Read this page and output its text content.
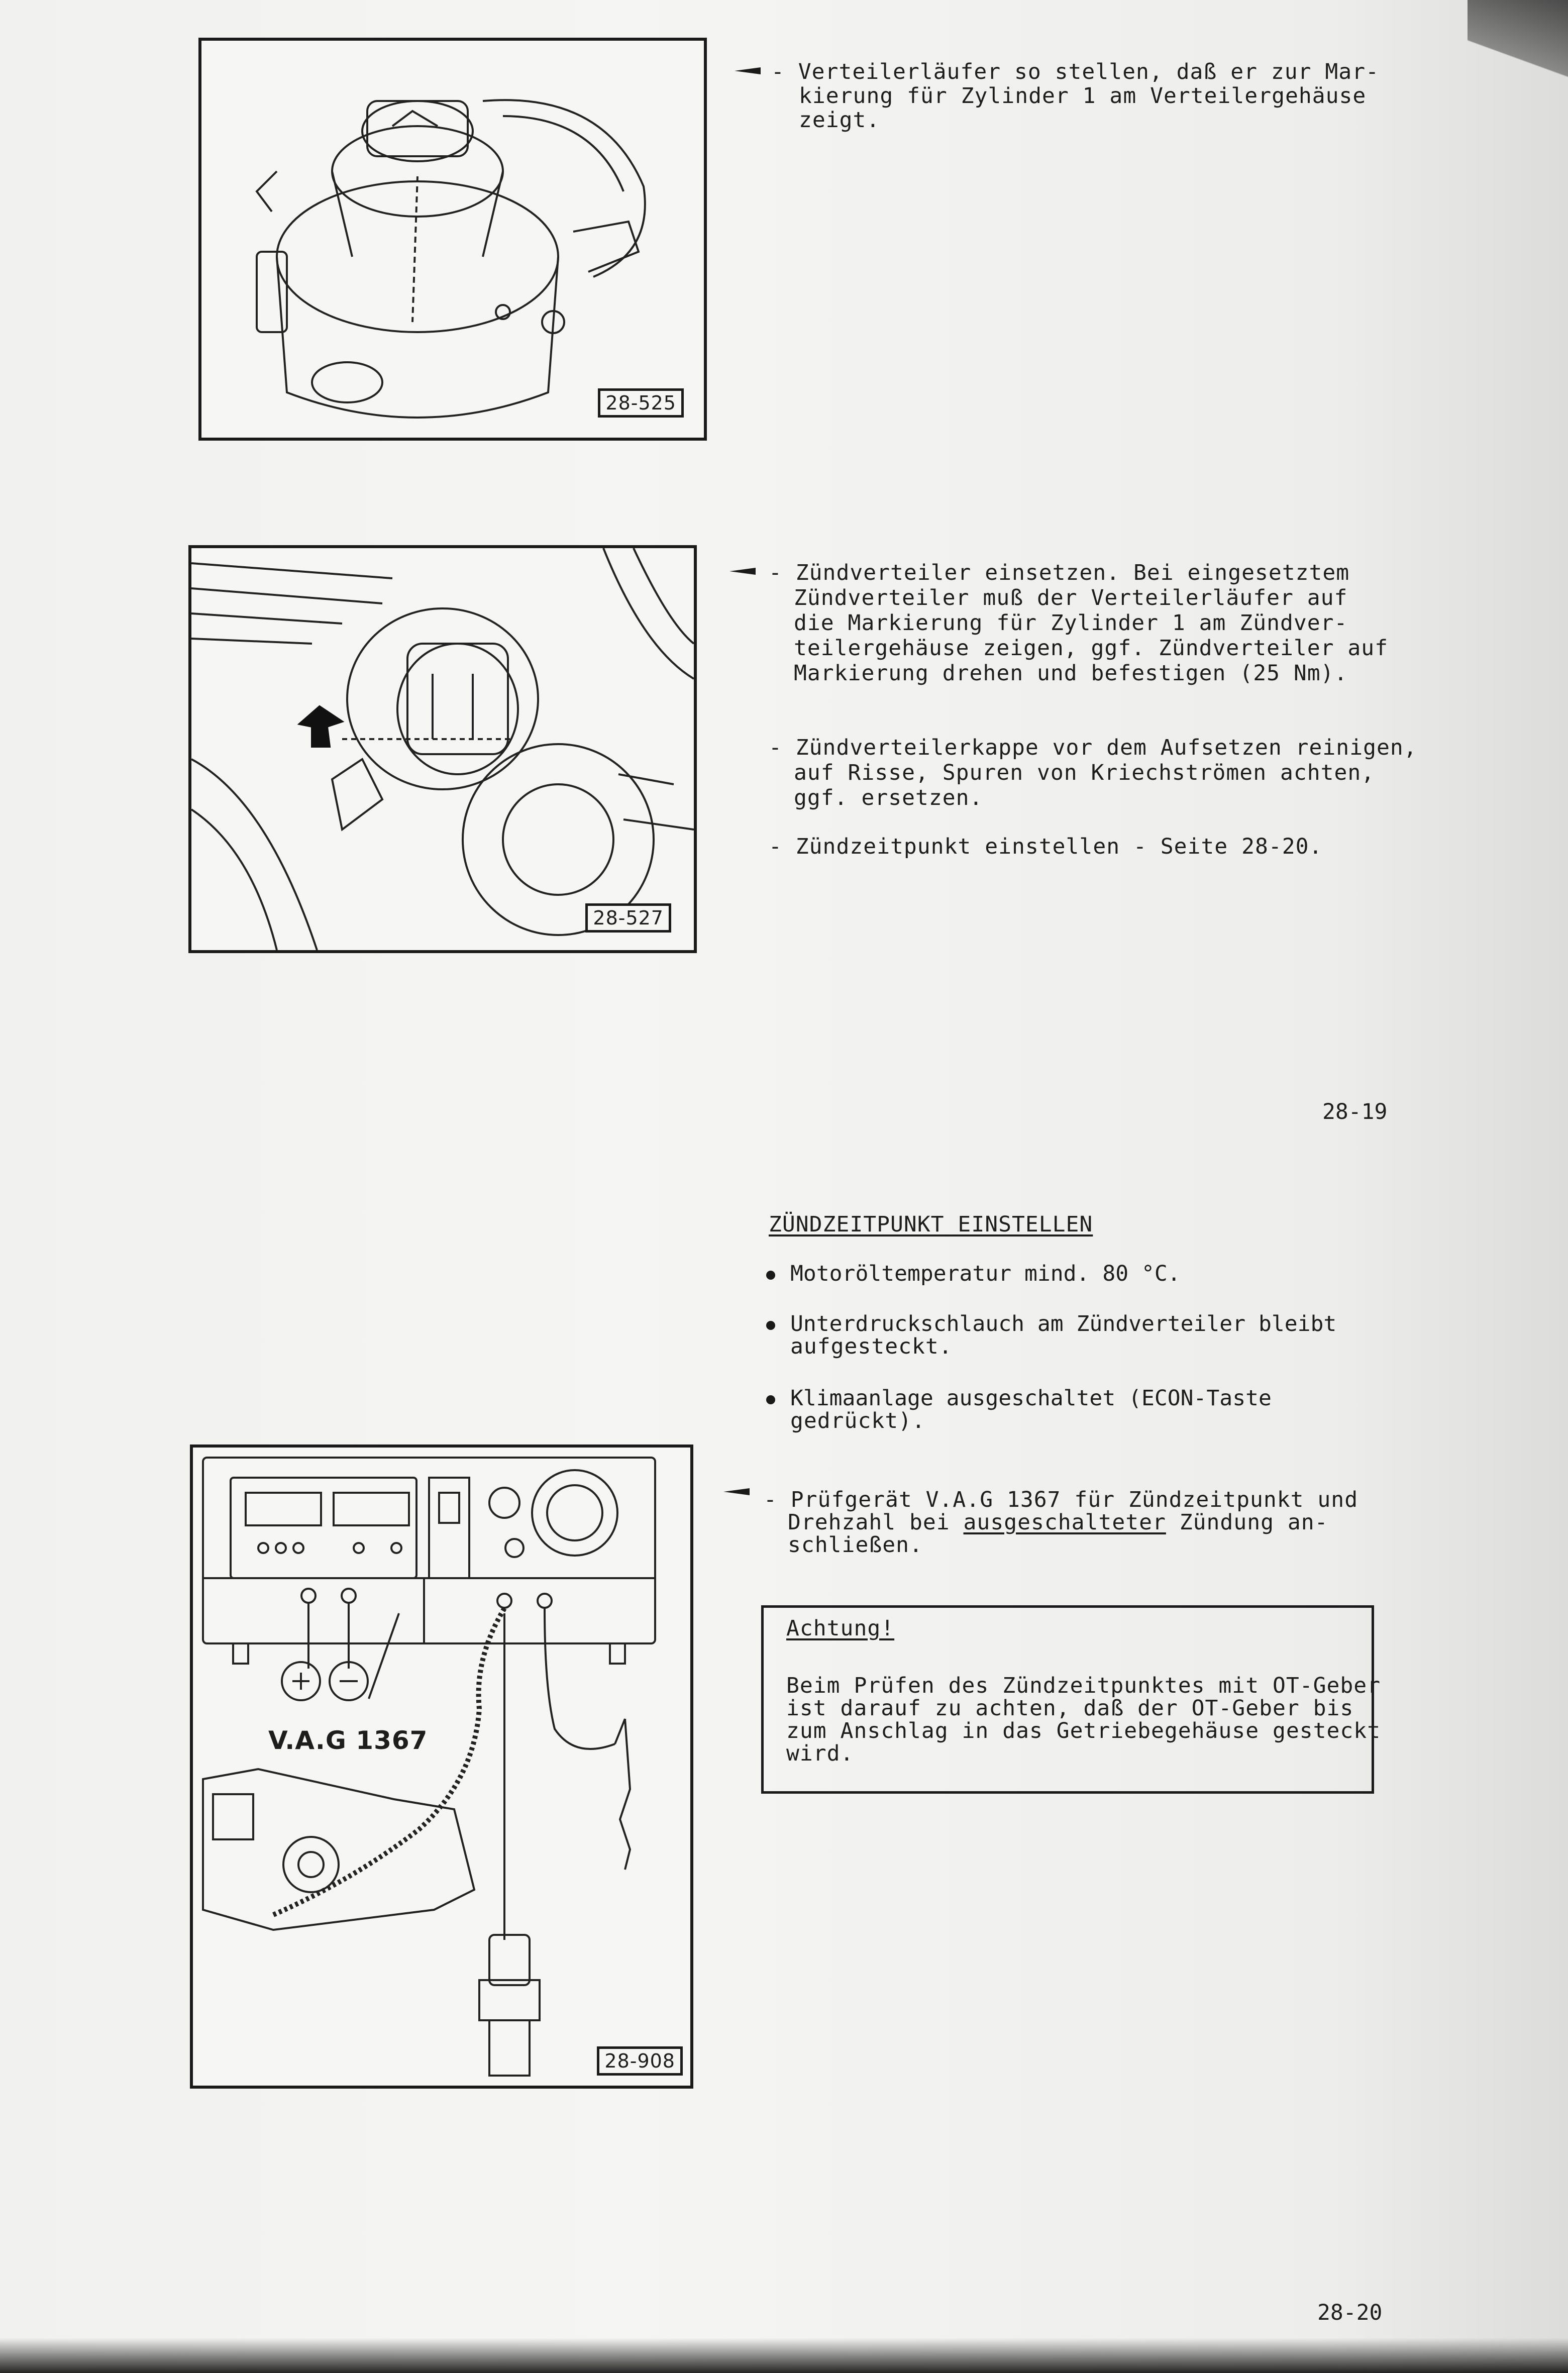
28-525
- Verteilerläufer so stellen, daß er zur Mar-
kierung für Zylinder 1 am Verteilergehäuse
zeigt.
28-527
- Zündverteiler einsetzen. Bei eingesetztem
Zündverteiler muß der Verteilerläufer auf
die Markierung für Zylinder 1 am Zündver-
teilergehäuse zeigen, ggf. Zündverteiler auf
Markierung drehen und befestigen (25 Nm).
- Zündverteilerkappe vor dem Aufsetzen reinigen,
auf Risse, Spuren von Kriechströmen achten,
ggf. ersetzen.
- Zündzeitpunkt einstellen - Seite 28-20.
28-19
ZÜNDZEITPUNKT EINSTELLEN
Motoröltemperatur mind. 80 °C.
Unterdruckschlauch am Zündverteiler bleibt
aufgesteckt.
Klimaanlage ausgeschaltet (ECON-Taste
gedrückt).
V.A.G 1367
28-908
- Prüfgerät V.A.G 1367 für Zündzeitpunkt und
Drehzahl bei ausgeschalteter Zündung an-
schließen.
Achtung!
Beim Prüfen des Zündzeitpunktes mit OT-Geber
ist darauf zu achten, daß der OT-Geber bis
zum Anschlag in das Getriebegehäuse gesteckt
wird.
28-20
